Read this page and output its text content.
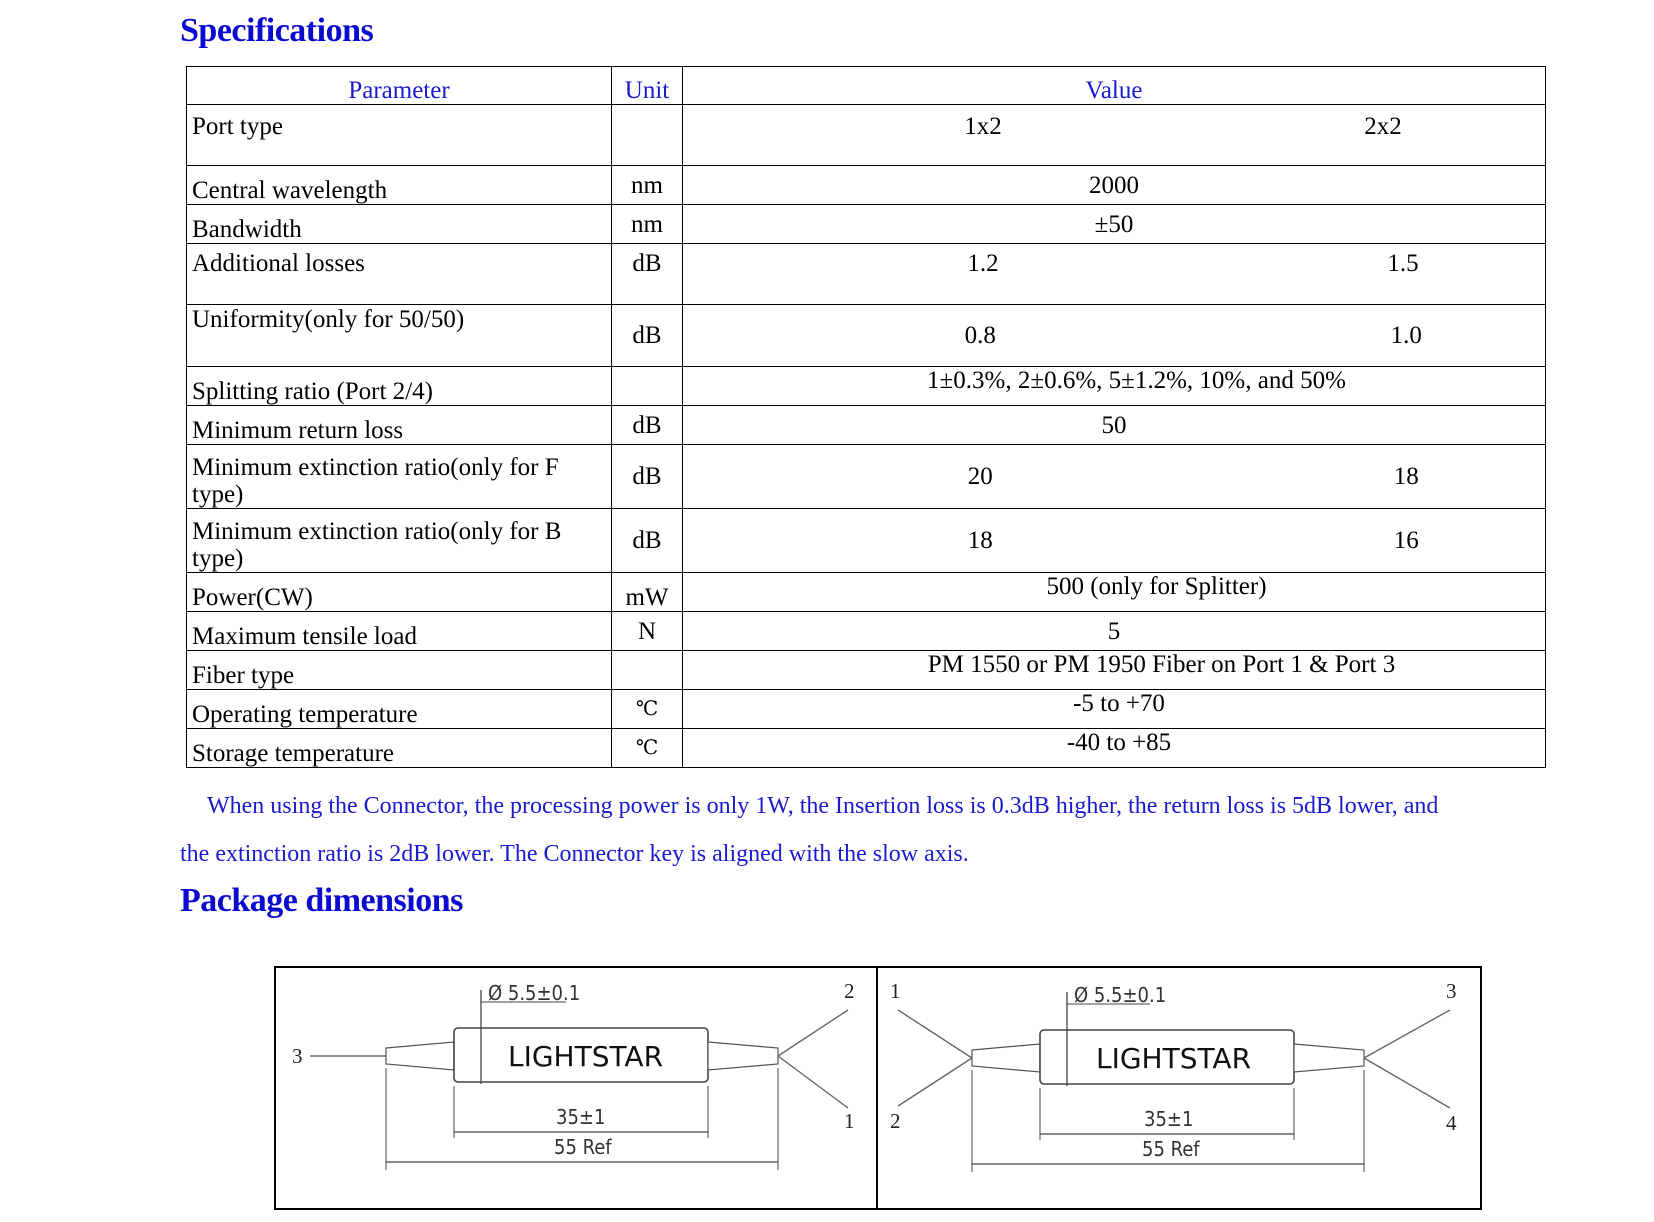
Specifications
Parameter	Unit	Value
Port type		1x2 2x2

Central wavelength	nm	2000
Bandwidth	nm	±50
Additional losses	dB	1.2 1.5

Uniformity(only for 50/50)	dB	0.8 1.0

Splitting ratio (Port 2/4)		1±0.3%, 2±0.6%, 5±1.2%, 10%, and 50%
Minimum return loss	dB	50
Minimum extinction ratio(only for F type)	dB	20 18

Minimum extinction ratio(only for B type)	dB	18 16

Power(CW)	mW	500 (only for Splitter)
Maximum tensile load	N	5
Fiber type		PM 1550 or PM 1950 Fiber on Port 1 & Port 3
Operating temperature	℃	-5 to +70
Storage temperature	℃	-40 to +85
When using the Connector, the processing power is only 1W, the Insertion loss is 0.3dB higher, the return loss is 5dB lower, and
the extinction ratio is 2dB lower. The Connector key is aligned with the slow axis.
Package dimensions
Ø 5.5±0.1
LIGHTSTAR
35±1
55 Ref
3
2
1
Ø 5.5±0.1
LIGHTSTAR
35±1
55 Ref
1
2
3
4
